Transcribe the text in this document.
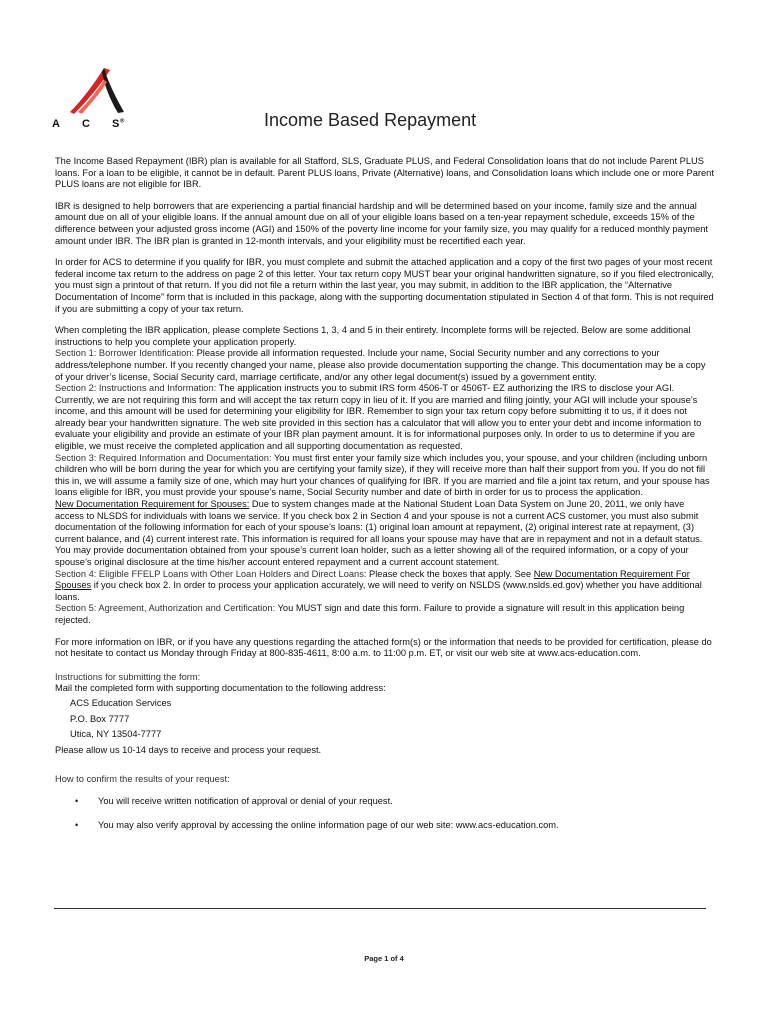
A C S®	Income Based Repayment

The Income Based Repayment (IBR) plan is available for all Stafford, SLS, Graduate PLUS, and Federal Consolidation loans that do not include Parent PLUS loans. For a loan to be eligible, it cannot be in default. Parent PLUS loans, Private (Alternative) loans, and Consolidation loans which include one or more Parent PLUS loans are not eligible for IBR.

IBR is designed to help borrowers that are experiencing a partial financial hardship and will be determined based on your income, family size and the annual amount due on all of your eligible loans. If the annual amount due on all of your eligible loans based on a ten-year repayment schedule, exceeds 15% of the difference between your adjusted gross income (AGI) and 150% of the poverty line income for your family size, you may qualify for a reduced monthly payment amount under IBR. The IBR plan is granted in 12-month intervals, and your eligibility must be recertified each year.

In order for ACS to determine if you qualify for IBR, you must complete and submit the attached application and a copy of the first two pages of your most recent federal income tax return to the address on page 2 of this letter. Your tax return copy MUST bear your original handwritten signature, so if you filed electronically, you must sign a printout of that return. If you did not file a return within the last year, you may submit, in addition to the IBR application, the “Alternative Documentation of Income” form that is included in this package, along with the supporting documentation stipulated in Section 4 of that form. This is not required if you are submitting a copy of your tax return.

When completing the IBR application, please complete Sections 1, 3, 4 and 5 in their entirety. Incomplete forms will be rejected. Below are some additional instructions to help you complete your application properly.

Section 1: Borrower Identification: Please provide all information requested. Include your name, Social Security number and any corrections to your address/telephone number. If you recently changed your name, please also provide documentation supporting the change. This documentation may be a copy of your driver’s license, Social Security card, marriage certificate, and/or any other legal document(s) issued by a government entity.

Section 2: Instructions and Information: The application instructs you to submit IRS form 4506-T or 4506T- EZ authorizing the IRS to disclose your AGI. Currently, we are not requiring this form and will accept the tax return copy in lieu of it. If you are married and filing jointly, your AGI will include your spouse’s income, and this amount will be used for determining your eligibility for IBR. Remember to sign your tax return copy before submitting it to us, if it does not already bear your handwritten signature. The web site provided in this section has a calculator that will allow you to enter your debt and income information to evaluate your eligibility and provide an estimate of your IBR plan payment amount. It is for informational purposes only. In order to us to determine if you are eligible, we must receive the completed application and all supporting documentation as requested.

Section 3: Required Information and Documentation: You must first enter your family size which includes you, your spouse, and your children (including unborn children who will be born during the year for which you are certifying your family size), if they will receive more than half their support from you. If you do not fill this in, we will assume a family size of one, which may hurt your chances of qualifying for IBR. If you are married and file a joint tax return, and your spouse has loans eligible for IBR, you must provide your spouse’s name, Social Security number and date of birth in order for us to process the application.

New Documentation Requirement for Spouses: Due to system changes made at the National Student Loan Data System on June 20, 2011, we only have access to NLSDS for individuals with loans we service. If you check box 2 in Section 4 and your spouse is not a current ACS customer, you must also submit documentation of the following information for each of your spouse’s loans: (1) original loan amount at repayment, (2) original interest rate at repayment, (3) current balance, and (4) current interest rate. This information is required for all loans your spouse may have that are in repayment and not in a default status. You may provide documentation obtained from your spouse’s current loan holder, such as a letter showing all of the required information, or a copy of your spouse’s original disclosure at the time his/her account entered repayment and a current account statement.

Section 4: Eligible FFELP Loans with Other Loan Holders and Direct Loans: Please check the boxes that apply. See New Documentation Requirement For Spouses if you check box 2. In order to process your application accurately, we will need to verify on NSLDS (www.nslds.ed.gov) whether you have additional loans.

Section 5: Agreement, Authorization and Certification: You MUST sign and date this form. Failure to provide a signature will result in this application being rejected.

For more information on IBR, or if you have any questions regarding the attached form(s) or the information that needs to be provided for certification, please do not hesitate to contact us Monday through Friday at 800-835-4611, 8:00 a.m. to 11:00 p.m. ET, or visit our web site at www.acs-education.com.

Instructions for submitting the form:

Mail the completed form with supporting documentation to the following address:

ACS Education Services

P.O. Box 7777

Utica, NY 13504-7777

Please allow us 10-14 days to receive and process your request.

How to confirm the results of your request:

• You will receive written notification of approval or denial of your request.

• You may also verify approval by accessing the online information page of our web site: www.acs-education.com.

Page 1 of 4
